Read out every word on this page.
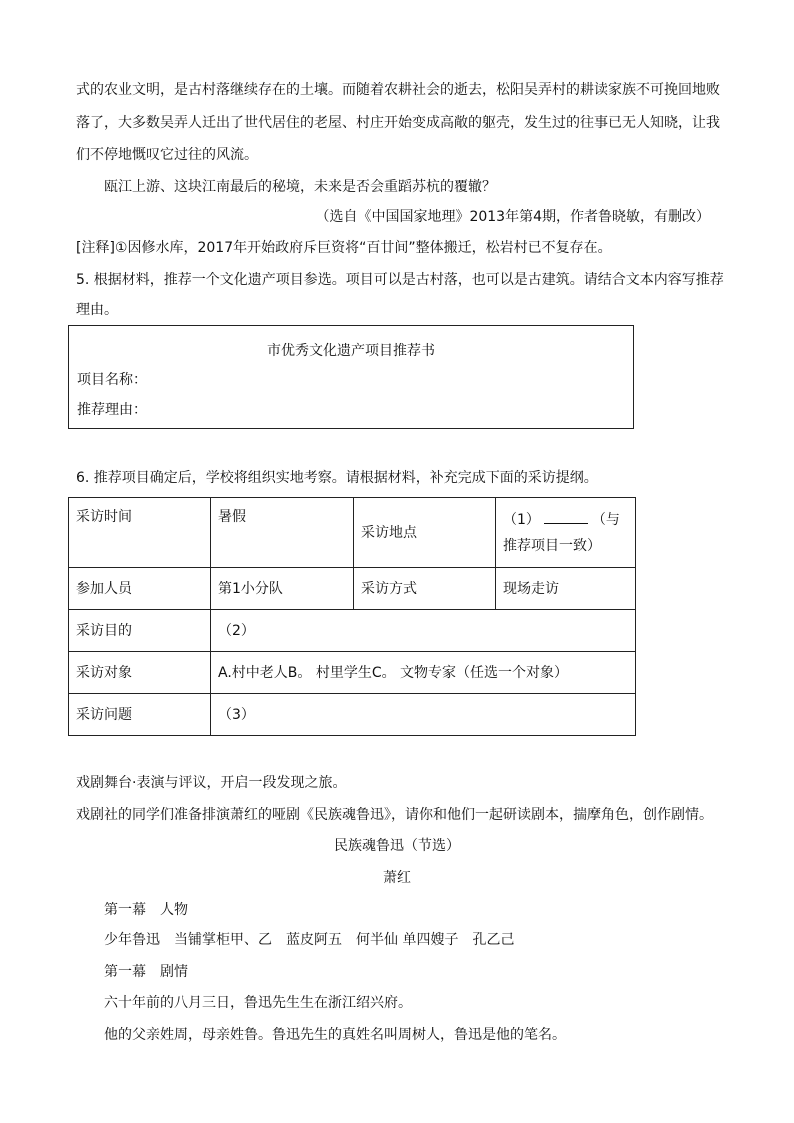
式的农业文明，是古村落继续存在的土壤。而随着农耕社会的逝去，松阳吴弄村的耕读家族不可挽回地败
落了，大多数吴弄人迁出了世代居住的老屋、村庄开始变成高敞的躯壳，发生过的往事已无人知晓，让我
们不停地慨叹它过往的风流。
瓯江上游、这块江南最后的秘境，未来是否会重蹈苏杭的覆辙？
（选自《中国国家地理》2013年第4期，作者鲁晓敏，有删改）
[注释]①因修水库，2017年开始政府斥巨资将“百廿间”整体搬迁，松岩村已不复存在。
5. 根据材料，推荐一个文化遗产项目参选。项目可以是古村落，也可以是古建筑。请结合文本内容写推荐
理由。
市优秀文化遗产项目推荐书
项目名称：
推荐理由：
6. 推荐项目确定后，学校将组织实地考察。请根据材料，补充完成下面的采访提纲。
采访时间	暑假	采访地点	（1） （与
推荐项目一致）
参加人员	第1小分队	采访方式	现场走访
采访目的	（2）		
采访对象	A.村中老人B。 村里学生C。 文物专家（任选一个对象）		
采访问题	（3）		
戏剧舞台·表演与评议，开启一段发现之旅。
戏剧社的同学们准备排演萧红的哑剧《民族魂鲁迅》，请你和他们一起研读剧本，揣摩角色，创作剧情。
民族魂鲁迅（节选）
萧红
第一幕　人物
少年鲁迅　当铺掌柜甲、乙　蓝皮阿五　何半仙 单四嫂子　孔乙己
第一幕　剧情
六十年前的八月三日，鲁迅先生生在浙江绍兴府。
他的父亲姓周，母亲姓鲁。鲁迅先生的真姓名叫周树人，鲁迅是他的笔名。
